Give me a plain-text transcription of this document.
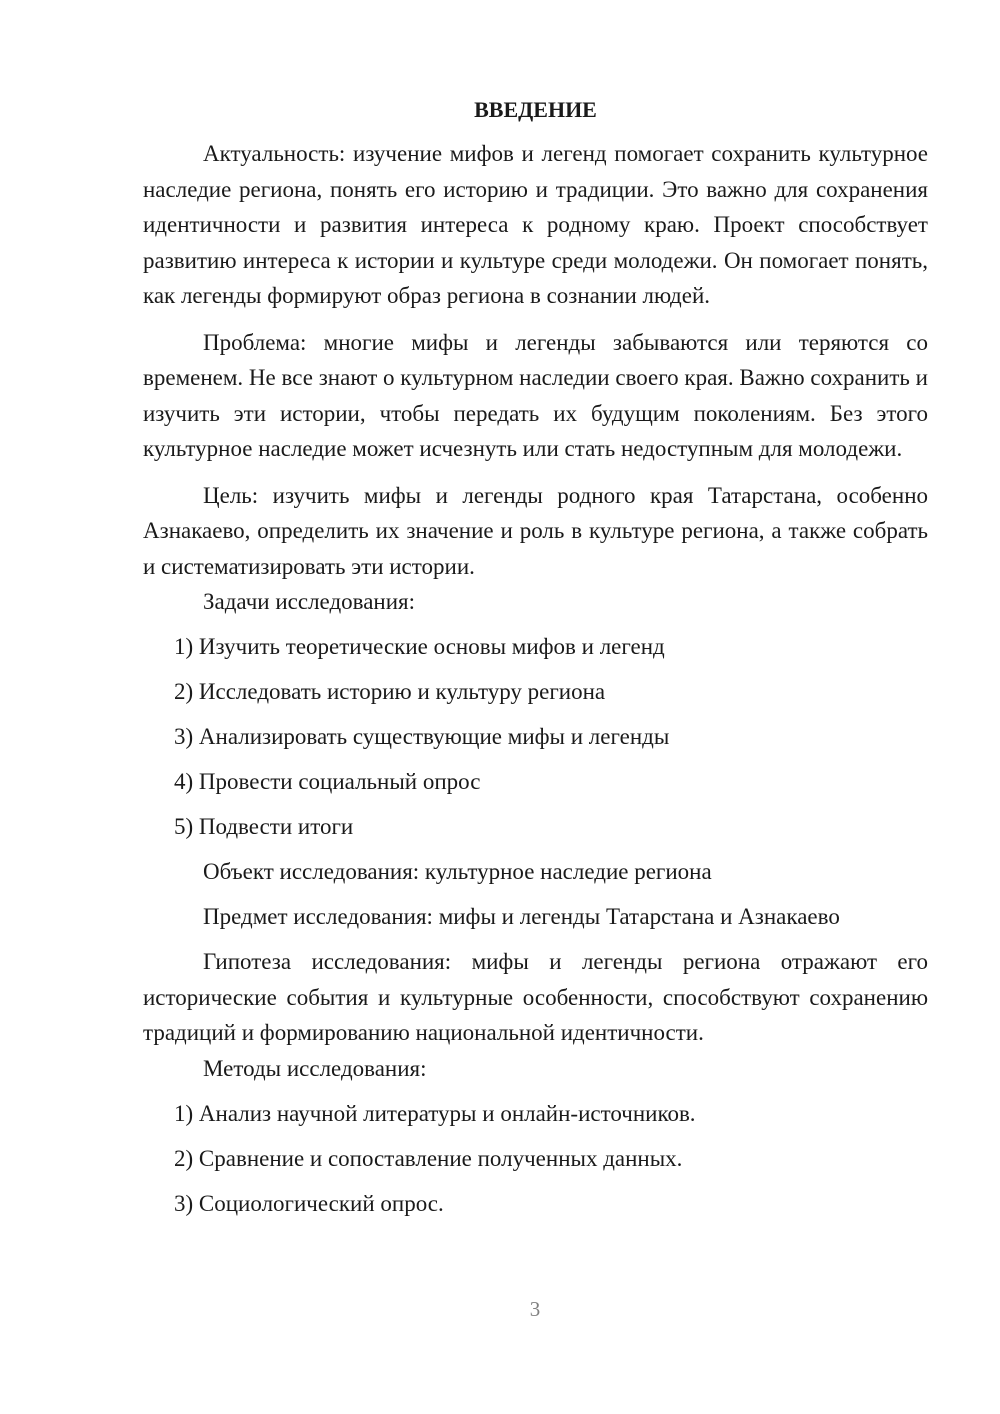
ВВЕДЕНИЕ

Актуальность: изучение мифов и легенд помогает сохранить культурное наследие региона, понять его историю и традиции. Это важно для сохранения идентичности и развития интереса к родному краю. Проект способствует развитию интереса к истории и культуре среди молодежи. Он помогает понять, как легенды формируют образ региона в сознании людей.

Проблема: многие мифы и легенды забываются или теряются со временем. Не все знают о культурном наследии своего края. Важно сохранить и изучить эти истории, чтобы передать их будущим поколениям. Без этого культурное наследие может исчезнуть или стать недоступным для молодежи.

Цель: изучить мифы и легенды родного края Татарстана, особенно Азнакаево, определить их значение и роль в культуре региона, а также собрать и систематизировать эти истории.

Задачи исследования:

1) Изучить теоретические основы мифов и легенд

2) Исследовать историю и культуру региона

3) Анализировать существующие мифы и легенды

4) Провести социальный опрос

5) Подвести итоги

Объект исследования: культурное наследие региона

Предмет исследования: мифы и легенды Татарстана и Азнакаево

Гипотеза исследования: мифы и легенды региона отражают его исторические события и культурные особенности, способствуют сохранению традиций и формированию национальной идентичности.

Методы исследования:

1) Анализ научной литературы и онлайн-источников.

2) Сравнение и сопоставление полученных данных.

3) Социологический опрос.

3
